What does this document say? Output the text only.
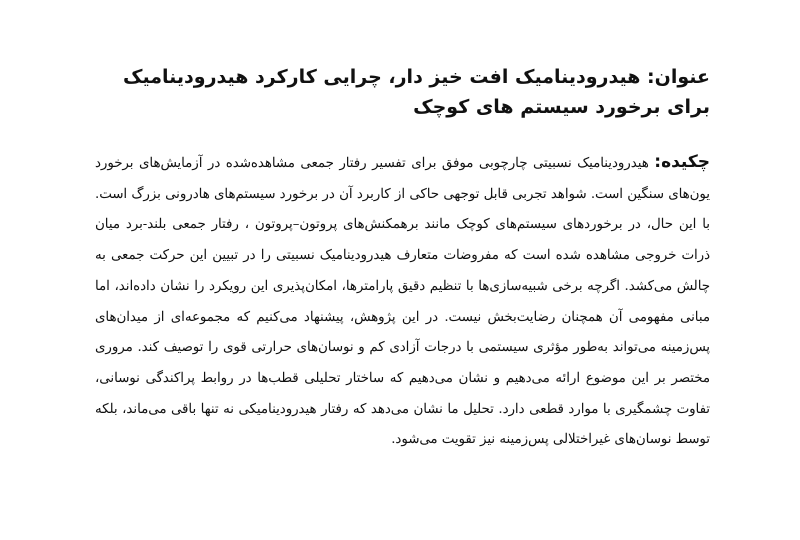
عنوان: هیدرودینامیک افت خیز دار، چرایی کارکرد هیدرودینامیک برای برخورد سیستم های کوچک

چکیده: هیدرودینامیک نسبیتی چارچوبی موفق برای تفسیر رفتار جمعی مشاهده‌شده در آزمایش‌های برخورد یون‌های سنگین است. شواهد تجربی قابل توجهی حاکی از کاربرد آن در برخورد سیستم‌های هادرونی بزرگ است. با این حال، در برخوردهای سیستم‌های کوچک مانند برهمکنش‌های پروتون–پروتون ، رفتار جمعی بلند-برد میان ذرات خروجی مشاهده شده است که مفروضات متعارف هیدرودینامیک نسبیتی را در تبیین این حرکت جمعی به چالش می‌کشد. اگرچه برخی شبیه‌سازی‌ها با تنظیم دقیق پارامترها، امکان‌پذیری این رویکرد را نشان داده‌اند، اما مبانی مفهومی آن همچنان رضایت‌بخش نیست. در این پژوهش، پیشنهاد می‌کنیم که مجموعه‌ای از میدان‌های پس‌زمینه می‌تواند به‌طور مؤثری سیستمی با درجات آزادی کم و نوسان‌های حرارتی قوی را توصیف کند. مروری مختصر بر این موضوع ارائه می‌دهیم و نشان می‌دهیم که ساختار تحلیلی قطب‌ها در روابط پراکندگی نوسانی، تفاوت چشمگیری با موارد قطعی دارد. تحلیل ما نشان می‌دهد که رفتار هیدرودینامیکی نه تنها باقی می‌ماند، بلکه توسط نوسان‌های غیراختلالی پس‌زمینه نیز تقویت می‌شود.
